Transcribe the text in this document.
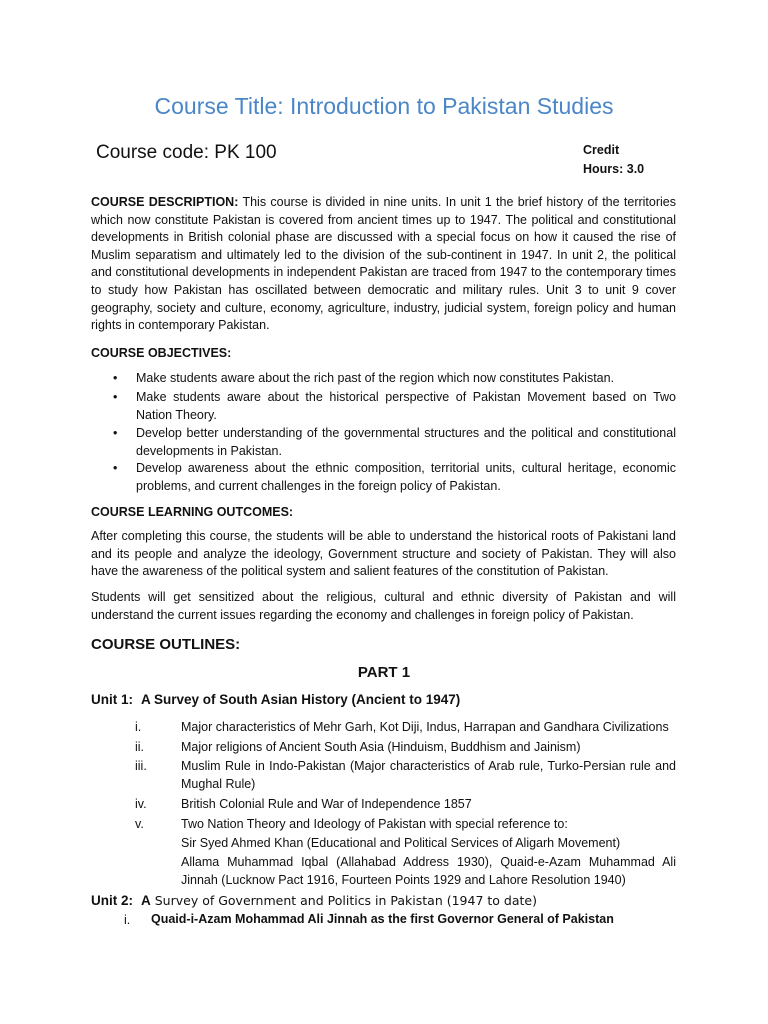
Course Title: Introduction to Pakistan Studies
Course code: PK 100	Credit
Hours: 3.0

COURSE DESCRIPTION: This course is divided in nine units. In unit 1 the brief history of the territories which now constitute Pakistan is covered from ancient times up to 1947. The political and constitutional developments in British colonial phase are discussed with a special focus on how it caused the rise of Muslim separatism and ultimately led to the division of the sub-continent in 1947. In unit 2, the political and constitutional developments in independent Pakistan are traced from 1947 to the contemporary times to study how Pakistan has oscillated between democratic and military rules. Unit 3 to unit 9 cover geography, society and culture, economy, agriculture, industry, judicial system, foreign policy and human rights in contemporary Pakistan.

COURSE OBJECTIVES:
• Make students aware about the rich past of the region which now constitutes Pakistan.

• Make students aware about the historical perspective of Pakistan Movement based on Two Nation Theory.

• Develop better understanding of the governmental structures and the political and constitutional developments in Pakistan.

• Develop awareness about the ethnic composition, territorial units, cultural heritage, economic problems, and current challenges in the foreign policy of Pakistan.

COURSE LEARNING OUTCOMES:

After completing this course, the students will be able to understand the historical roots of Pakistani land and its people and analyze the ideology, Government structure and society of Pakistan. They will also have the awareness of the political system and salient features of the constitution of Pakistan.

Students will get sensitized about the religious, cultural and ethnic diversity of Pakistan and will understand the current issues regarding the economy and challenges in foreign policy of Pakistan.

COURSE OUTLINES:
PART 1
Unit 1: A Survey of South Asian History (Ancient to 1947)
i.	Major characteristics of Mehr Garh, Kot Diji, Indus, Harrapan and Gandhara Civilizations

ii.	Major religions of Ancient South Asia (Hinduism, Buddhism and Jainism)

iii.	Muslim Rule in Indo-Pakistan (Major characteristics of Arab rule, Turko-Persian rule and Mughal Rule)

iv.	British Colonial Rule and War of Independence 1857

v.	Two Nation Theory and Ideology of Pakistan with special reference to:

Sir Syed Ahmed Khan (Educational and Political Services of Aligarh Movement)

Allama Muhammad Iqbal (Allahabad Address 1930), Quaid-e-Azam Muhammad Ali Jinnah (Lucknow Pact 1916, Fourteen Points 1929 and Lahore Resolution 1940)

Unit 2: A Survey of Government and Politics in Pakistan (1947 to date)
i. Quaid-i-Azam Mohammad Ali Jinnah as the first Governor General of Pakistan
